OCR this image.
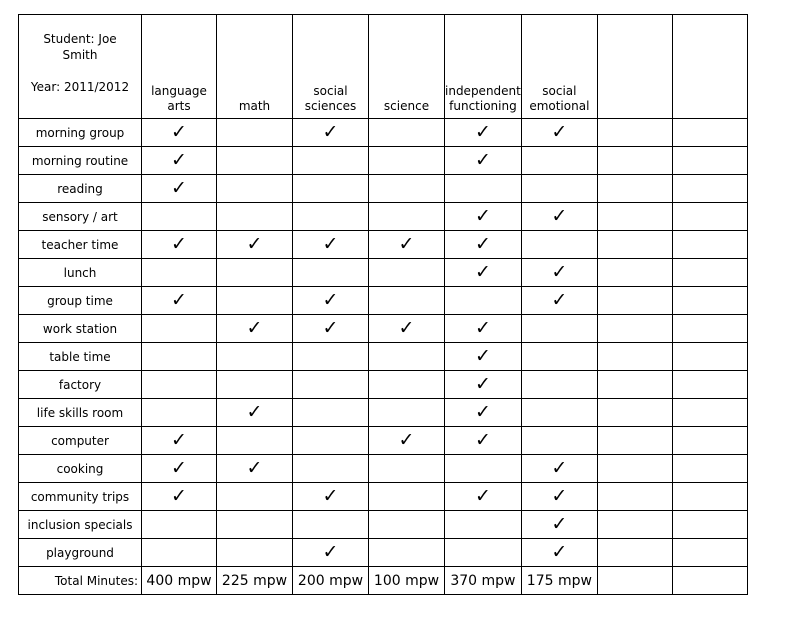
Student: Joe Smith
Year: 2011/2012	language arts	math	social sciences	science	independent functioning	social emotional		
morning group	✓		✓		✓	✓		
morning routine	✓				✓			
reading	✓							
sensory / art					✓	✓		
teacher time	✓	✓	✓	✓	✓			
lunch					✓	✓		
group time	✓		✓			✓		
work station		✓	✓	✓	✓			
table time					✓			
factory					✓			
life skills room		✓			✓			
computer	✓			✓	✓			
cooking	✓	✓				✓		
community trips	✓		✓		✓	✓		
inclusion specials						✓		
playground			✓			✓		
Total Minutes:	400 mpw	225 mpw	200 mpw	100 mpw	370 mpw	175 mpw		
